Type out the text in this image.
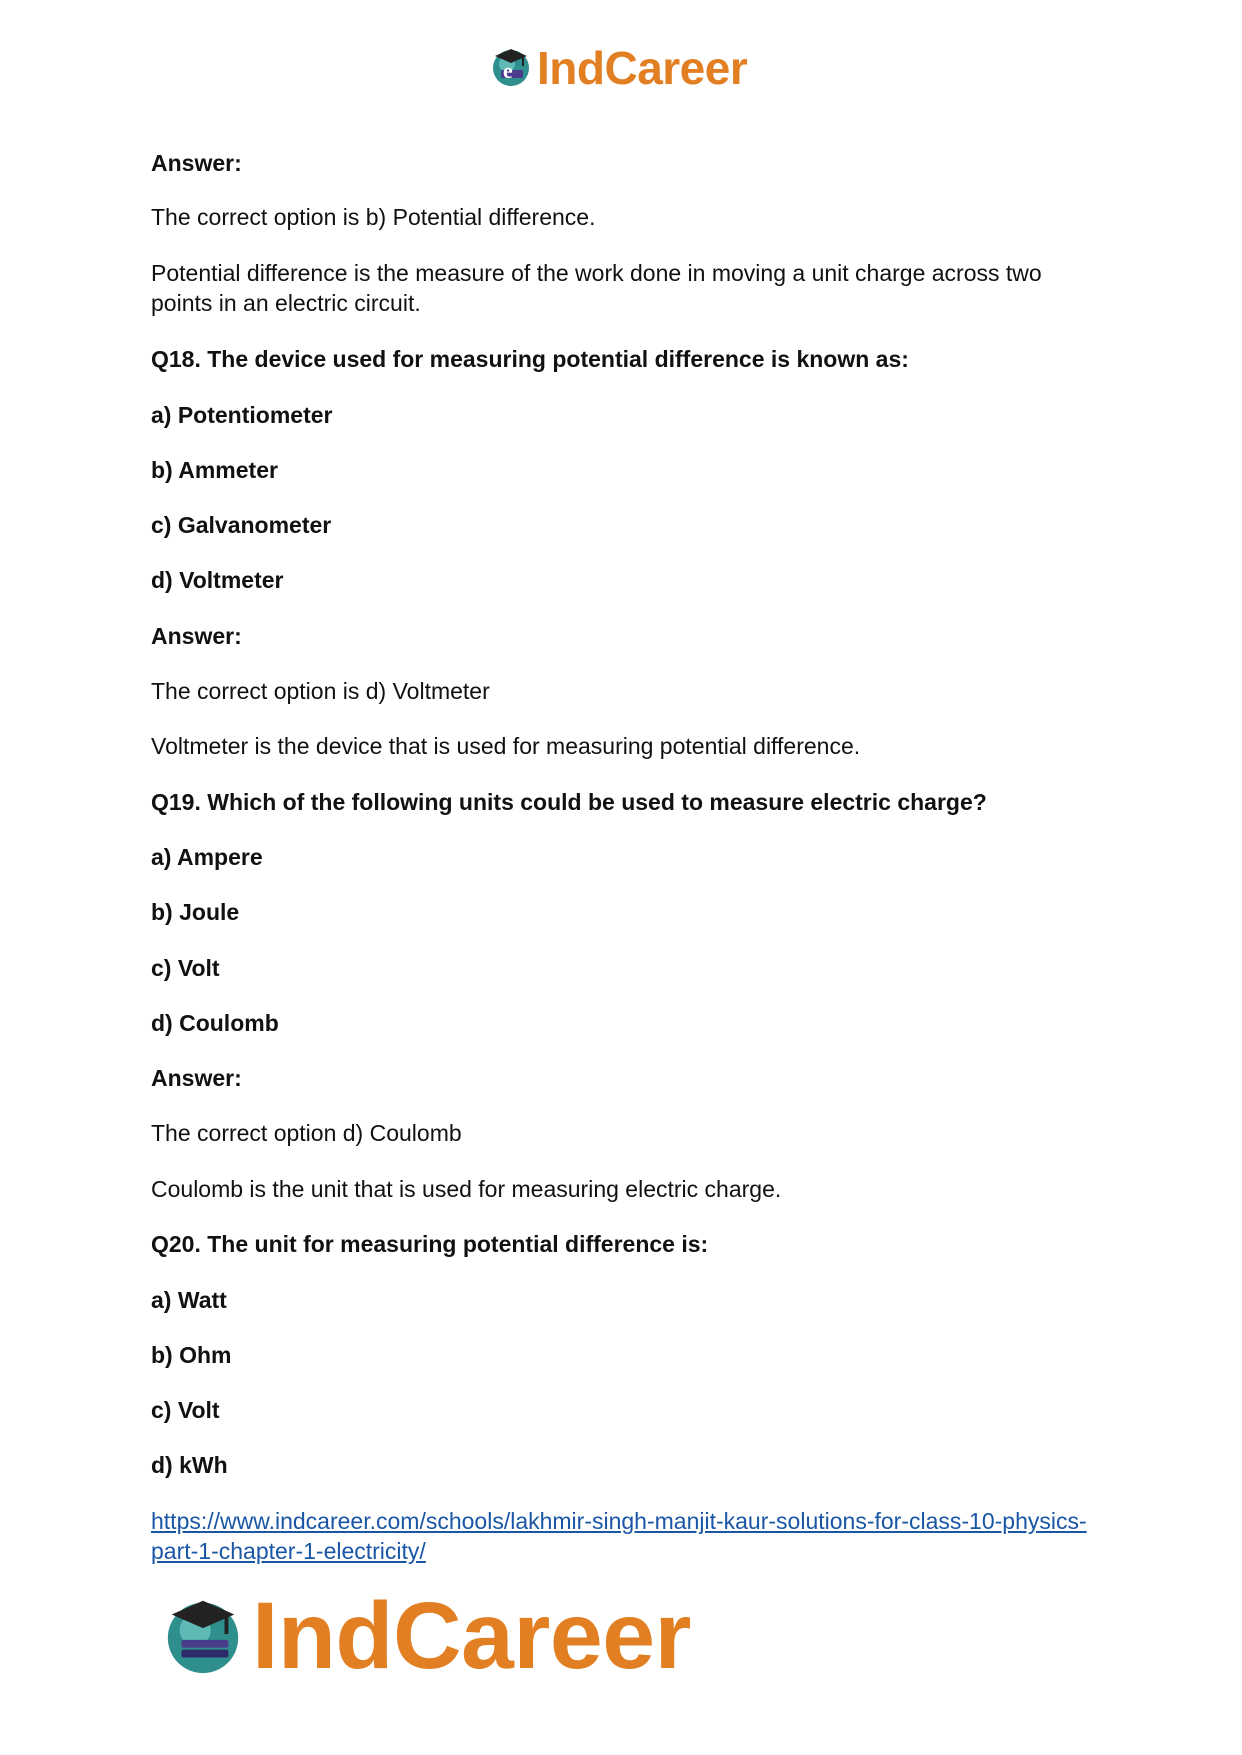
e IndCareer

Answer:

The correct option is b) Potential difference.

Potential difference is the measure of the work done in moving a unit charge across two points in an electric circuit.

Q18. The device used for measuring potential difference is known as:

a) Potentiometer

b) Ammeter

c) Galvanometer

d) Voltmeter

Answer:

The correct option is d) Voltmeter

Voltmeter is the device that is used for measuring potential difference.

Q19. Which of the following units could be used to measure electric charge?

a) Ampere

b) Joule

c) Volt

d) Coulomb

Answer:

The correct option d) Coulomb

Coulomb is the unit that is used for measuring electric charge.

Q20. The unit for measuring potential difference is:

a) Watt

b) Ohm

c) Volt

d) kWh

https://www.indcareer.com/schools/lakhmir-singh-manjit-kaur-solutions-for-class-10-physics-
part-1-chapter-1-electricity/
IndCareer
